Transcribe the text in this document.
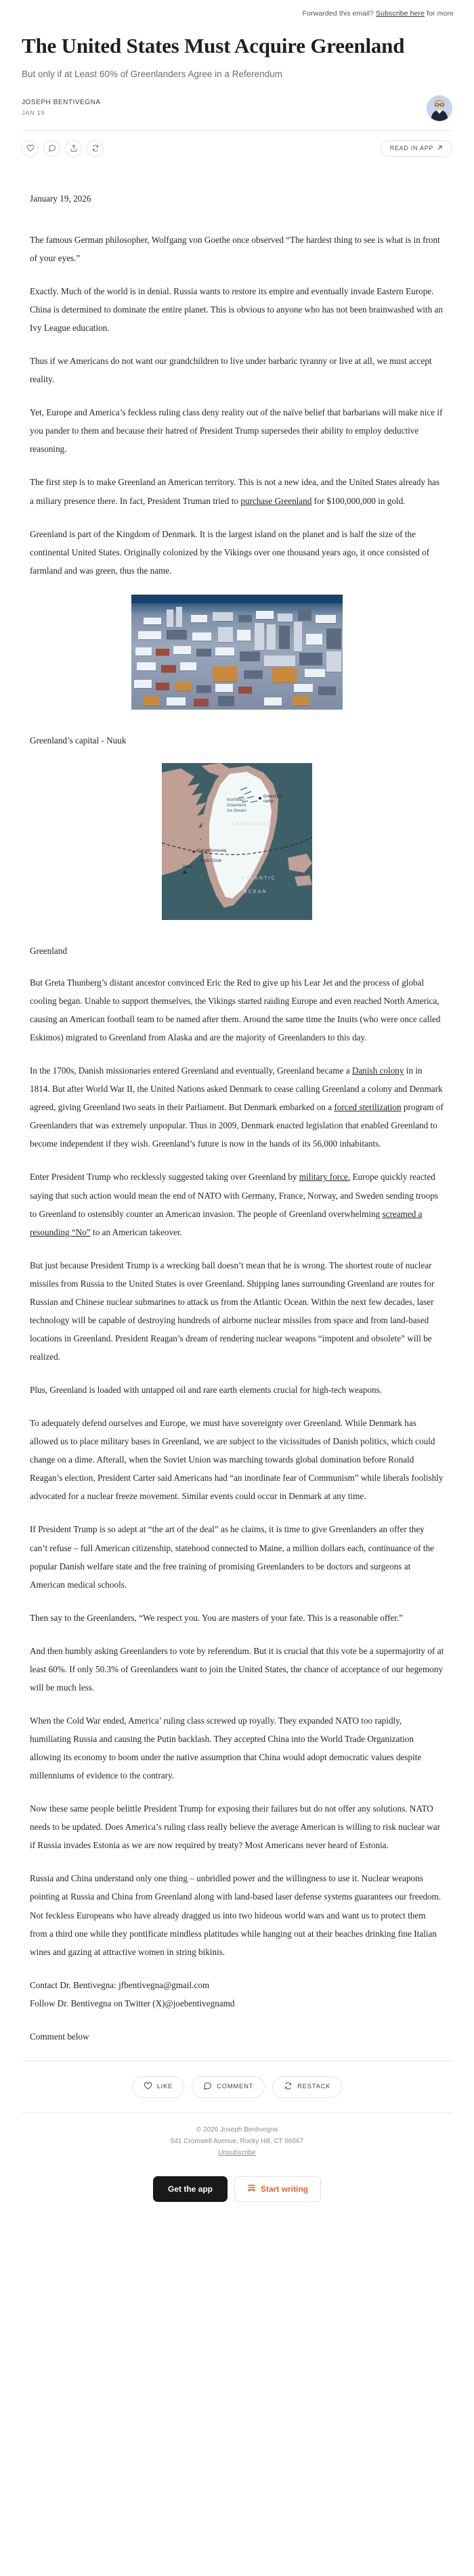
Forwarded this email? Subscribe here for more
The United States Must Acquire Greenland
But only if at Least 60% of Greenlanders Agree in a Referendum
JOSEPH BENTIVEGNA
JAN 19
READ IN APP

January 19, 2026

The famous German philosopher, Wolfgang von Goethe once observed “The hardest thing to see is what is in front of your eyes.”

Exactly. Much of the world is in denial. Russia wants to restore its empire and eventually invade Eastern Europe. China is determined to dominate the entire planet. This is obvious to anyone who has not been brainwashed with an Ivy League education.

Thus if we Americans do not want our grandchildren to live under barbaric tyranny or live at all, we must accept reality.

Yet, Europe and America’s feckless ruling class deny reality out of the naïve belief that barbarians will make nice if you pander to them and because their hatred of President Trump supersedes their ability to employ deductive reasoning.

The first step is to make Greenland an American territory. This is not a new idea, and the United States already has a miliary presence there. In fact, President Truman tried to purchase Greenland for $100,000,000 in gold.

Greenland is part of the Kingdom of Denmark. It is the largest island on the planet and is half the size of the continental United States. Originally colonized by the Vikings over one thousand years ago, it once consisted of farmland and was green, thus the name.

Greenland’s capital - Nuuk
GreenDrill
camp
Northeast
Greenland
Ice Stream
GREENLAND
Arctic Circle
Kangerlussuaq
Nuuk
ATLANTIC
OCEAN
Greenland

But Greta Thunberg’s distant ancestor convinced Eric the Red to give up his Lear Jet and the process of global cooling began. Unable to support themselves, the Vikings started raiding Europe and even reached North America, causing an American football team to be named after them. Around the same time the Inuits (who were once called Eskimos) migrated to Greenland from Alaska and are the majority of Greenlanders to this day.

In the 1700s, Danish missionaries entered Greenland and eventually, Greenland became a Danish colony in in 1814. But after World War II, the United Nations asked Denmark to cease calling Greenland a colony and Denmark agreed, giving Greenland two seats in their Parliament. But Denmark embarked on a forced sterilization program of Greenlanders that was extremely unpopular. Thus in 2009, Denmark enacted legislation that enabled Greenland to become independent if they wish. Greenland’s future is now in the hands of its 56,000 inhabitants.

Enter President Trump who recklessly suggested taking over Greenland by military force. Europe quickly reacted saying that such action would mean the end of NATO with Germany, France, Norway, and Sweden sending troops to Greenland to ostensibly counter an American invasion. The people of Greenland overwhelming screamed a resounding “No” to an American takeover.

But just because President Trump is a wrecking ball doesn’t mean that he is wrong. The shortest route of nuclear missiles from Russia to the United States is over Greenland. Shipping lanes surrounding Greenland are routes for Russian and Chinese nuclear submarines to attack us from the Atlantic Ocean. Within the next few decades, laser technology will be capable of destroying hundreds of airborne nuclear missiles from space and from land-based locations in Greenland. President Reagan’s dream of rendering nuclear weapons “impotent and obsolete” will be realized.

Plus, Greenland is loaded with untapped oil and rare earth elements crucial for high-tech weapons.

To adequately defend ourselves and Europe, we must have sovereignty over Greenland. While Denmark has allowed us to place military bases in Greenland, we are subject to the vicissitudes of Danish politics, which could change on a dime. Afterall, when the Soviet Union was marching towards global domination before Ronald Reagan’s election, President Carter said Americans had “an inordinate fear of Communism” while liberals foolishly advocated for a nuclear freeze movement. Similar events could occur in Denmark at any time.

If President Trump is so adept at “the art of the deal” as he claims, it is time to give Greenlanders an offer they can’t refuse – full American citizenship, statehood connected to Maine, a million dollars each, continuance of the popular Danish welfare state and the free training of promising Greenlanders to be doctors and surgeons at American medical schools.

Then say to the Greenlanders, “We respect you. You are masters of your fate. This is a reasonable offer.”

And then humbly asking Greenlanders to vote by referendum. But it is crucial that this vote be a supermajority of at least 60%. If only 50.3% of Greenlanders want to join the United States, the chance of acceptance of our hegemony will be much less.

When the Cold War ended, America’ ruling class screwed up royally. They expanded NATO too rapidly, humiliating Russia and causing the Putin backlash. They accepted China into the World Trade Organization allowing its economy to boom under the native assumption that China would adopt democratic values despite millenniums of evidence to the contrary.

Now these same people belittle President Trump for exposing their failures but do not offer any solutions. NATO needs to be updated. Does America’s ruling class really believe the average American is willing to risk nuclear war if Russia invades Estonia as we are now required by treaty? Most Americans never heard of Estonia.

Russia and China understand only one thing – unbridled power and the willingness to use it. Nuclear weapons pointing at Russia and China from Greenland along with land-based laser defense systems guarantees our freedom. Not feckless Europeans who have already dragged us into two hideous world wars and want us to protect them from a third one while they pontificate mindless platitudes while hanging out at their beaches drinking fine Italian wines and gazing at attractive women in string bikinis.

Contact Dr. Bentivegna: jfbentivegna@gmail.com
Follow Dr. Bentivegna on Twitter (X)@joebentivegnamd

Comment below

LIKE	COMMENT	RESTACK
© 2026 Joseph Bentivegna
541 Cromwell Avenue, Rocky Hill, CT 06067
Unsubscribe
Get the app	Start writing
